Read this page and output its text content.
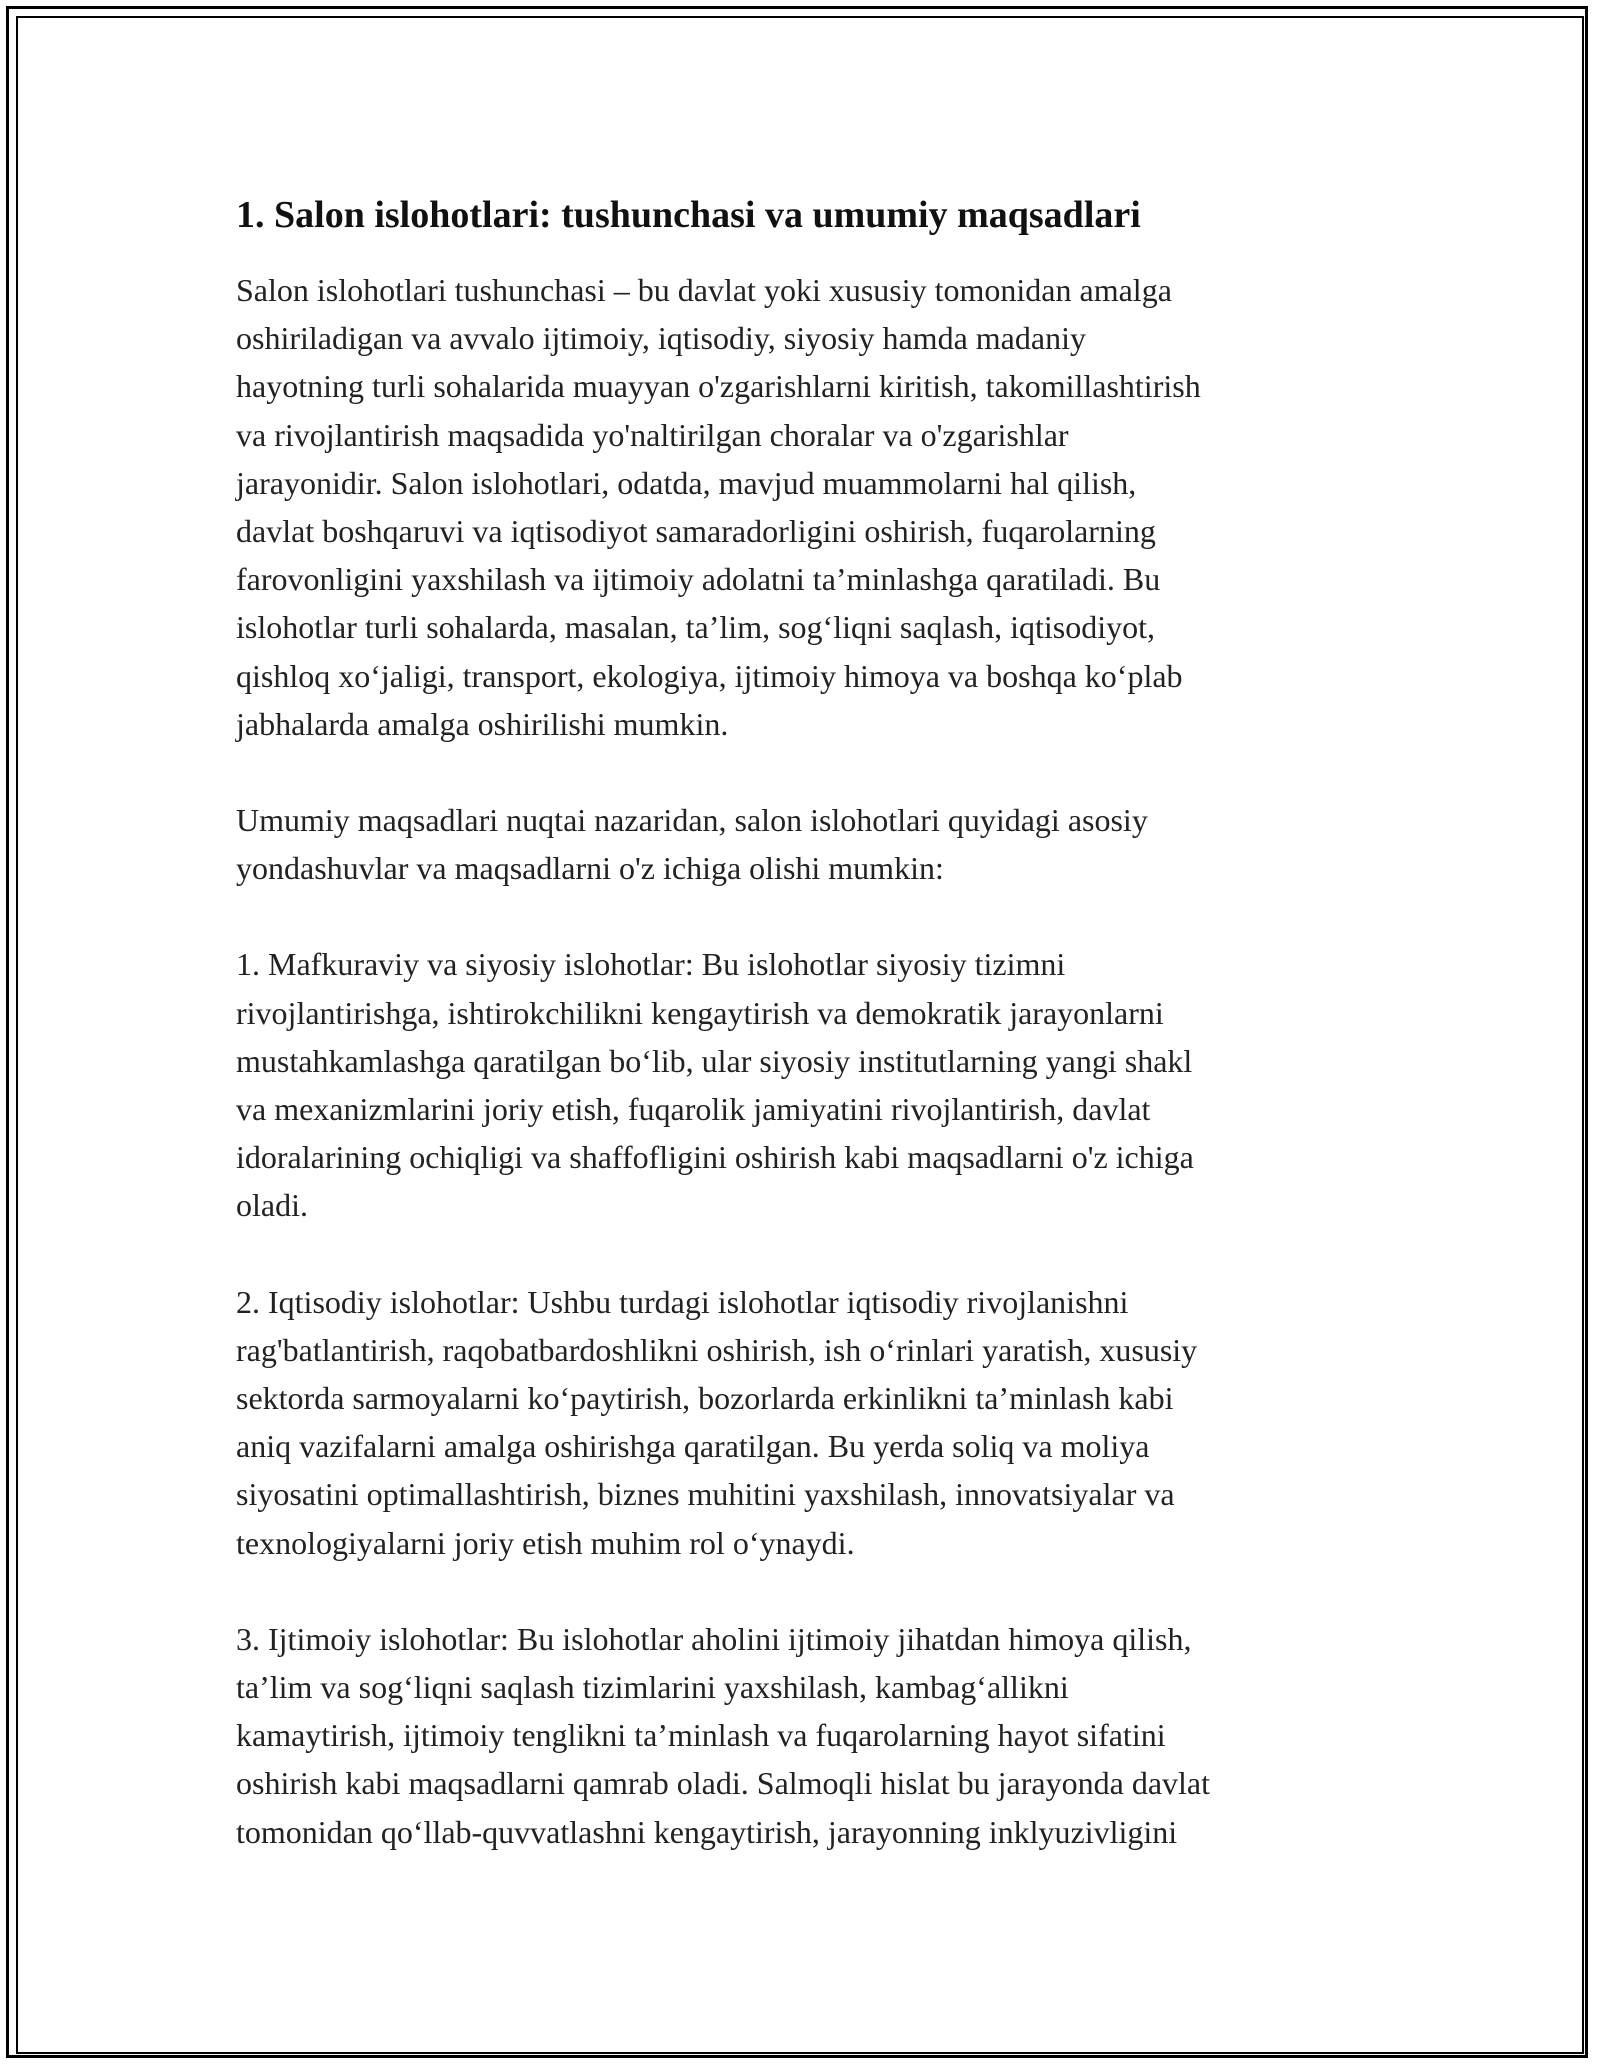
1. Salon islohotlari: tushunchasi va umumiy maqsadlari

Salon islohotlari tushunchasi – bu davlat yoki xususiy tomonidan amalga
oshiriladigan va avvalo ijtimoiy, iqtisodiy, siyosiy hamda madaniy
hayotning turli sohalarida muayyan o'zgarishlarni kiritish, takomillashtirish
va rivojlantirish maqsadida yo'naltirilgan choralar va o'zgarishlar
jarayonidir. Salon islohotlari, odatda, mavjud muammolarni hal qilish,
davlat boshqaruvi va iqtisodiyot samaradorligini oshirish, fuqarolarning
farovonligini yaxshilash va ijtimoiy adolatni ta’minlashga qaratiladi. Bu
islohotlar turli sohalarda, masalan, ta’lim, sog‘liqni saqlash, iqtisodiyot,
qishloq xo‘jaligi, transport, ekologiya, ijtimoiy himoya va boshqa ko‘plab
jabhalarda amalga oshirilishi mumkin.

Umumiy maqsadlari nuqtai nazaridan, salon islohotlari quyidagi asosiy
yondashuvlar va maqsadlarni o'z ichiga olishi mumkin:

1. Mafkuraviy va siyosiy islohotlar: Bu islohotlar siyosiy tizimni
rivojlantirishga, ishtirokchilikni kengaytirish va demokratik jarayonlarni
mustahkamlashga qaratilgan bo‘lib, ular siyosiy institutlarning yangi shakl
va mexanizmlarini joriy etish, fuqarolik jamiyatini rivojlantirish, davlat
idoralarining ochiqligi va shaffofligini oshirish kabi maqsadlarni o'z ichiga
oladi.

2. Iqtisodiy islohotlar: Ushbu turdagi islohotlar iqtisodiy rivojlanishni
rag'batlantirish, raqobatbardoshlikni oshirish, ish o‘rinlari yaratish, xususiy
sektorda sarmoyalarni ko‘paytirish, bozorlarda erkinlikni ta’minlash kabi
aniq vazifalarni amalga oshirishga qaratilgan. Bu yerda soliq va moliya
siyosatini optimallashtirish, biznes muhitini yaxshilash, innovatsiyalar va
texnologiyalarni joriy etish muhim rol o‘ynaydi.

3. Ijtimoiy islohotlar: Bu islohotlar aholini ijtimoiy jihatdan himoya qilish,
ta’lim va sog‘liqni saqlash tizimlarini yaxshilash, kambag‘allikni
kamaytirish, ijtimoiy tenglikni ta’minlash va fuqarolarning hayot sifatini
oshirish kabi maqsadlarni qamrab oladi. Salmoqli hislat bu jarayonda davlat
tomonidan qo‘llab-quvvatlashni kengaytirish, jarayonning inklyuzivligini
